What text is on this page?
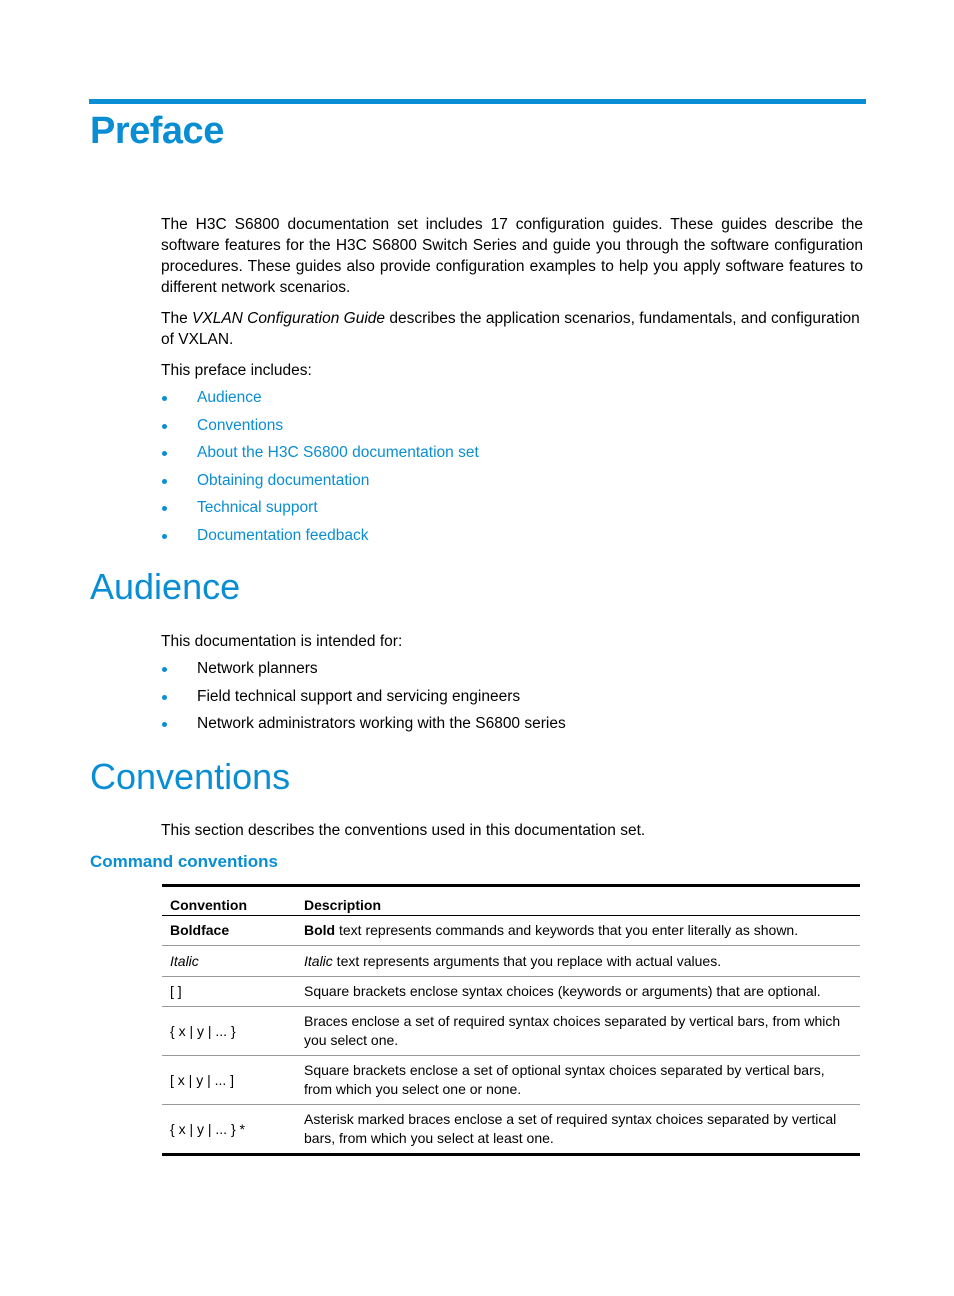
Preface

The H3C S6800 documentation set includes 17 configuration guides. These guides describe the software features for the H3C S6800 Switch Series and guide you through the software configuration procedures. These guides also provide configuration examples to help you apply software features to different network scenarios.

The VXLAN Configuration Guide describes the application scenarios, fundamentals, and configuration of VXLAN.

This preface includes:

Audience
Conventions
About the H3C S6800 documentation set
Obtaining documentation
Technical support
Documentation feedback
Audience

This documentation is intended for:

Network planners
Field technical support and servicing engineers
Network administrators working with the S6800 series
Conventions

This section describes the conventions used in this documentation set.

Command conventions
Convention	Description
Boldface	Bold text represents commands and keywords that you enter literally as shown.
Italic	Italic text represents arguments that you replace with actual values.
[ ]	Square brackets enclose syntax choices (keywords or arguments) that are optional.
{ x | y | ... }	Braces enclose a set of required syntax choices separated by vertical bars, from which you select one.
[ x | y | ... ]	Square brackets enclose a set of optional syntax choices separated by vertical bars, from which you select one or none.
{ x | y | ... } *	Asterisk marked braces enclose a set of required syntax choices separated by vertical bars, from which you select at least one.
